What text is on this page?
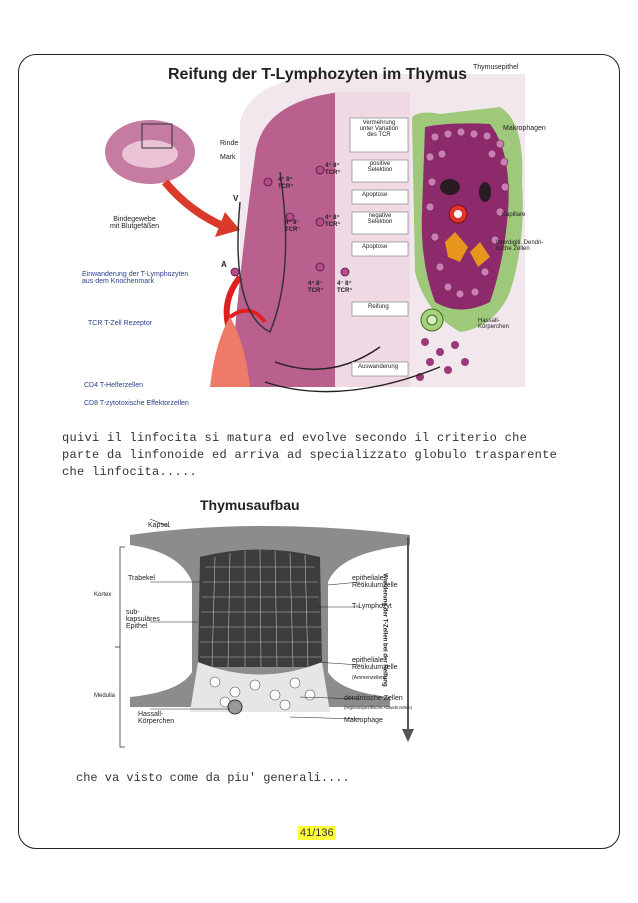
Reifung der T-Lymphozyten im Thymus
Rinde
Mark
Bindegewebe
mit Blutgefäßen
Thymusepithel
Makrophagen
Vermehrung
unter Variation
des TCR
positive
Selektion
Apoptose
negative
Selektion
Apoptose
Reifung
Auswanderung
Kapillare
Interdigiti. Dendri-
tische Zellen
Hassall-
Körperchen
4⁺ 8⁺
TCR⁺
4⁺ 8⁺
TCR⁺
4⁺ 8⁻
TCR⁻
4⁺ 8⁺
TCR⁺
4⁺ 8⁻
TCR⁺
4⁻ 8⁺
TCR⁺
A
V
Einwanderung der T-Lymphozyten
aus dem Knochenmark
TCR T-Zell Rezeptor
CD4 T-Helferzellen
CD8 T-zytotoxische Effektorzellen
quivi il linfocita si matura ed evolve secondo il criterio che
parte da linfonoide ed arriva ad specializzato globulo trasparente
che linfocita.....
Thymusaufbau
Kapsel
Trabekel
Kortex
sub-
kapsuläres
Epithel
Medulla
Hassall-
Körperchen
epitheliale
Retikulumzelle
T-Lymphozyt
epitheliale
Retikulumzelle
(Ammenzellen)
dendritische Zellen
(regionsspezifische Abwehrzellen)
Makrophage
Wanderung der T-Zellen bei der Reifung
che va visto come da piu' generali....
41/136
